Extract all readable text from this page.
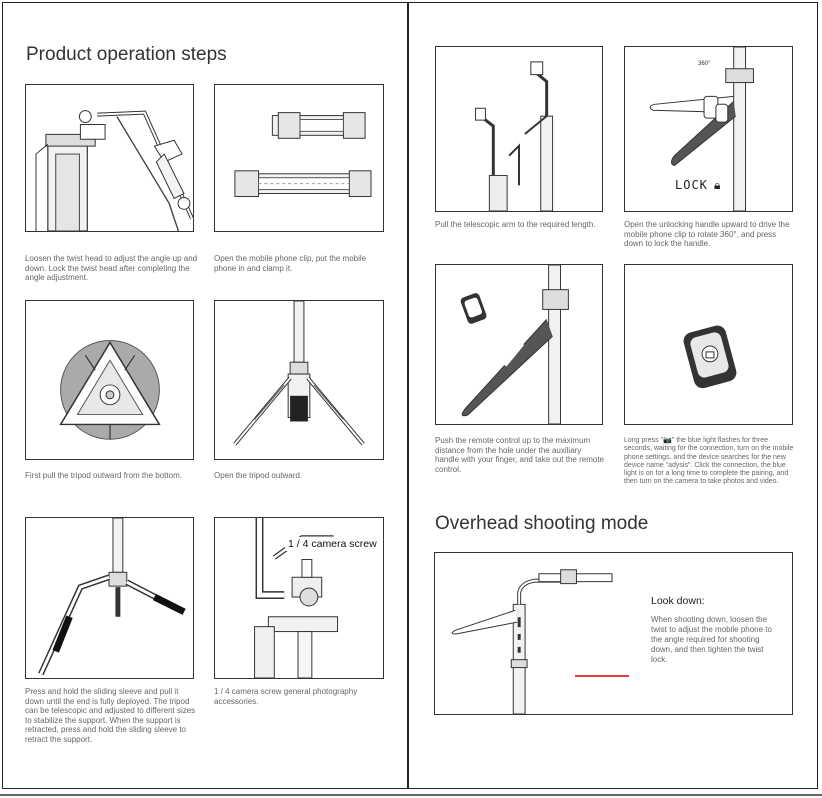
Product operation steps

Loosen the twist head to adjust the angle up and down. Lock the twist head after completing the angle adjustment.

Open the mobile phone clip, put the mobile phone in and clamp it.

First pull the tripod outward from the bottom.	Open the tripod outward.

Press and hold the sliding sleeve and pull it down until the end is fully deployed. The tripod can be telescopic and adjusted to different sizes to stabilize the support. When the support is retracted, press and hold the sliding sleeve to retract the support.

1 / 4 camera screw

1 / 4 camera screw general photography accessories.

Pull the telescopic arm to the required length.

360°
LOCK 🔒︎

Open the unlocking handle upward to drive the mobile phone clip to rotate 360°, and press down to lock the handle.

Push the remote control up to the maximum distance from the hole under the auxiliary handle with your finger, and take out the remote control.

Long press "📷" the blue light flashes for three seconds, waiting for the connection, turn on the mobile phone settings, and the device searches for the new device name "adysis". Click the connection, the blue light is on for a long time to complete the pairing, and then turn on the camera to take photos and video.

Overhead shooting mode
Look down:

When shooting down, loosen the twist to adjust the mobile phone to the angle required for shooting down, and then tighten the twist lock.
